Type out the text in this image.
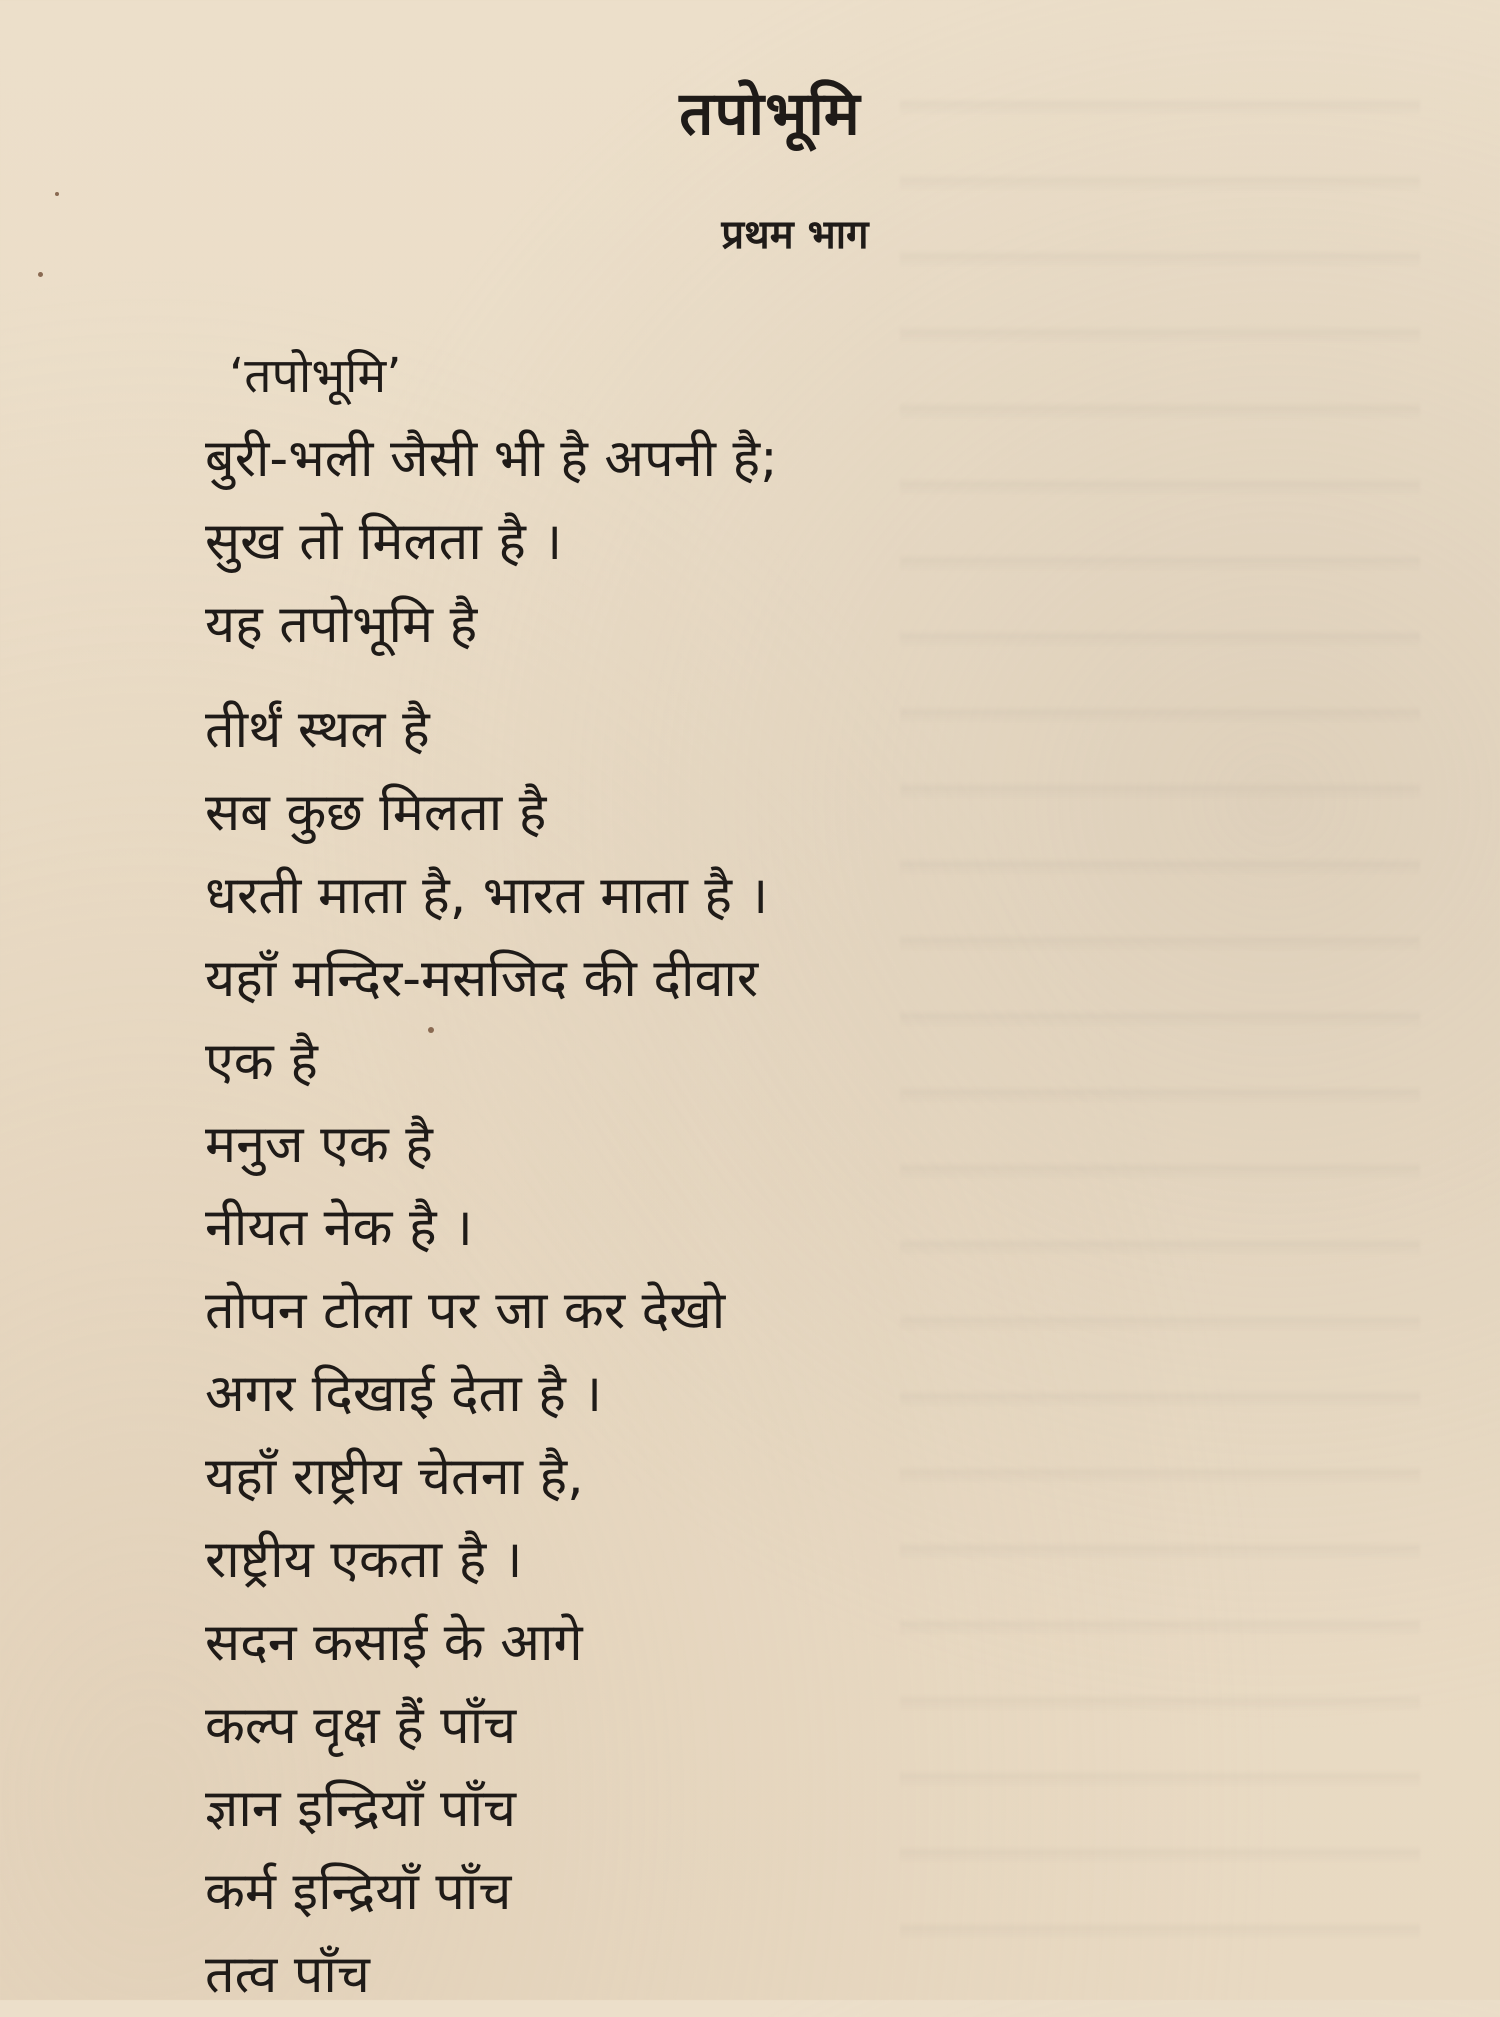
तपोभूमि
प्रथम भाग
‘तपोभूमि’
बुरी-भली जैसी भी है अपनी है;
सुख तो मिलता है ।
यह तपोभूमि है
तीर्थं स्थल है
सब कुछ मिलता है
धरती माता है, भारत माता है ।
यहाँ मन्दिर-मसजिद की दीवार
एक है
मनुज एक है
नीयत नेक है ।
तोपन टोला पर जा कर देखो
अगर दिखाई देता है ।
यहाँ राष्ट्रीय चेतना है,
राष्ट्रीय एकता है ।
सदन कसाई के आगे
कल्प वृक्ष हैं पाँच
ज्ञान इन्द्रियाँ पाँच
कर्म इन्द्रियाँ पाँच
तत्व पाँच
